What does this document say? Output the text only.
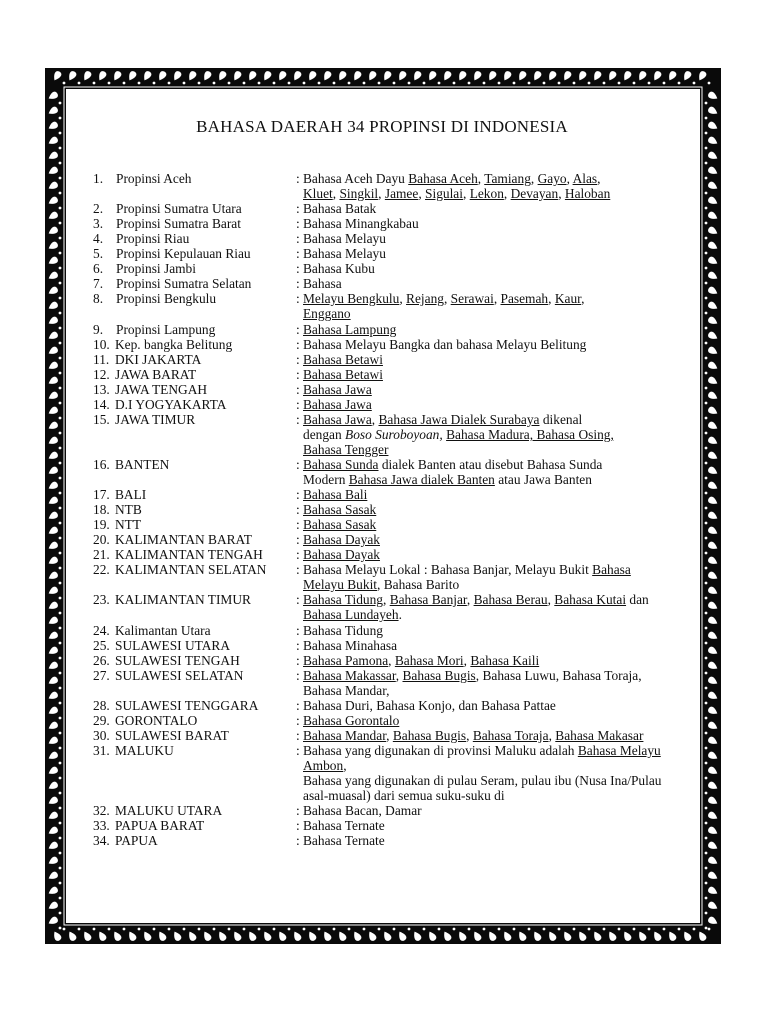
BAHASA DAERAH 34 PROPINSI DI INDONESIA
1. Propinsi Aceh	: Bahasa Aceh Dayu Bahasa Aceh, Tamiang, Gayo, Alas,
Kluet, Singkil, Jamee, Sigulai, Lekon, Devayan, Haloban
2. Propinsi Sumatra Utara	: Bahasa Batak
3. Propinsi Sumatra Barat	: Bahasa Minangkabau
4. Propinsi Riau	: Bahasa Melayu
5. Propinsi Kepulauan Riau	: Bahasa Melayu
6. Propinsi Jambi	: Bahasa Kubu
7. Propinsi Sumatra Selatan	: Bahasa
8. Propinsi Bengkulu	: Melayu Bengkulu, Rejang, Serawai, Pasemah, Kaur,
Enggano
9. Propinsi Lampung	: Bahasa Lampung
10. Kep. bangka Belitung	: Bahasa Melayu Bangka dan bahasa Melayu Belitung
11. DKI JAKARTA	: Bahasa Betawi
12. JAWA BARAT	: Bahasa Betawi
13. JAWA TENGAH	: Bahasa Jawa
14. D.I YOGYAKARTA	: Bahasa Jawa
15. JAWA TIMUR	: Bahasa Jawa, Bahasa Jawa Dialek Surabaya dikenal
dengan Boso Suroboyoan, Bahasa Madura, Bahasa Osing,
Bahasa Tengger
16. BANTEN	: Bahasa Sunda dialek Banten atau disebut Bahasa Sunda
Modern Bahasa Jawa dialek Banten atau Jawa Banten
17. BALI	: Bahasa Bali
18. NTB	: Bahasa Sasak
19. NTT	: Bahasa Sasak
20. KALIMANTAN BARAT	: Bahasa Dayak
21. KALIMANTAN TENGAH : Bahasa Dayak
22. KALIMANTAN SELATAN : Bahasa Melayu Lokal : Bahasa Banjar, Melayu Bukit Bahasa
Melayu Bukit, Bahasa Barito
23. KALIMANTAN TIMUR	: Bahasa Tidung, Bahasa Banjar, Bahasa Berau, Bahasa Kutai dan
Bahasa Lundayeh.
24. Kalimantan Utara	: Bahasa Tidung
25. SULAWESI UTARA	: Bahasa Minahasa
26. SULAWESI TENGAH	: Bahasa Pamona, Bahasa Mori, Bahasa Kaili
27. SULAWESI SELATAN	: Bahasa Makassar, Bahasa Bugis, Bahasa Luwu, Bahasa Toraja,
Bahasa Mandar,
28. SULAWESI TENGGARA	: Bahasa Duri, Bahasa Konjo, dan Bahasa Pattae
29. GORONTALO	: Bahasa Gorontalo
30. SULAWESI BARAT	: Bahasa Mandar, Bahasa Bugis, Bahasa Toraja, Bahasa Makasar
31. MALUKU	: Bahasa yang digunakan di provinsi Maluku adalah Bahasa Melayu
Ambon,
Bahasa yang digunakan di pulau Seram, pulau ibu (Nusa Ina/Pulau
asal-muasal) dari semua suku-suku di
32. MALUKU UTARA	: Bahasa Bacan, Damar
33. PAPUA BARAT	: Bahasa Ternate
34. PAPUA	: Bahasa Ternate
